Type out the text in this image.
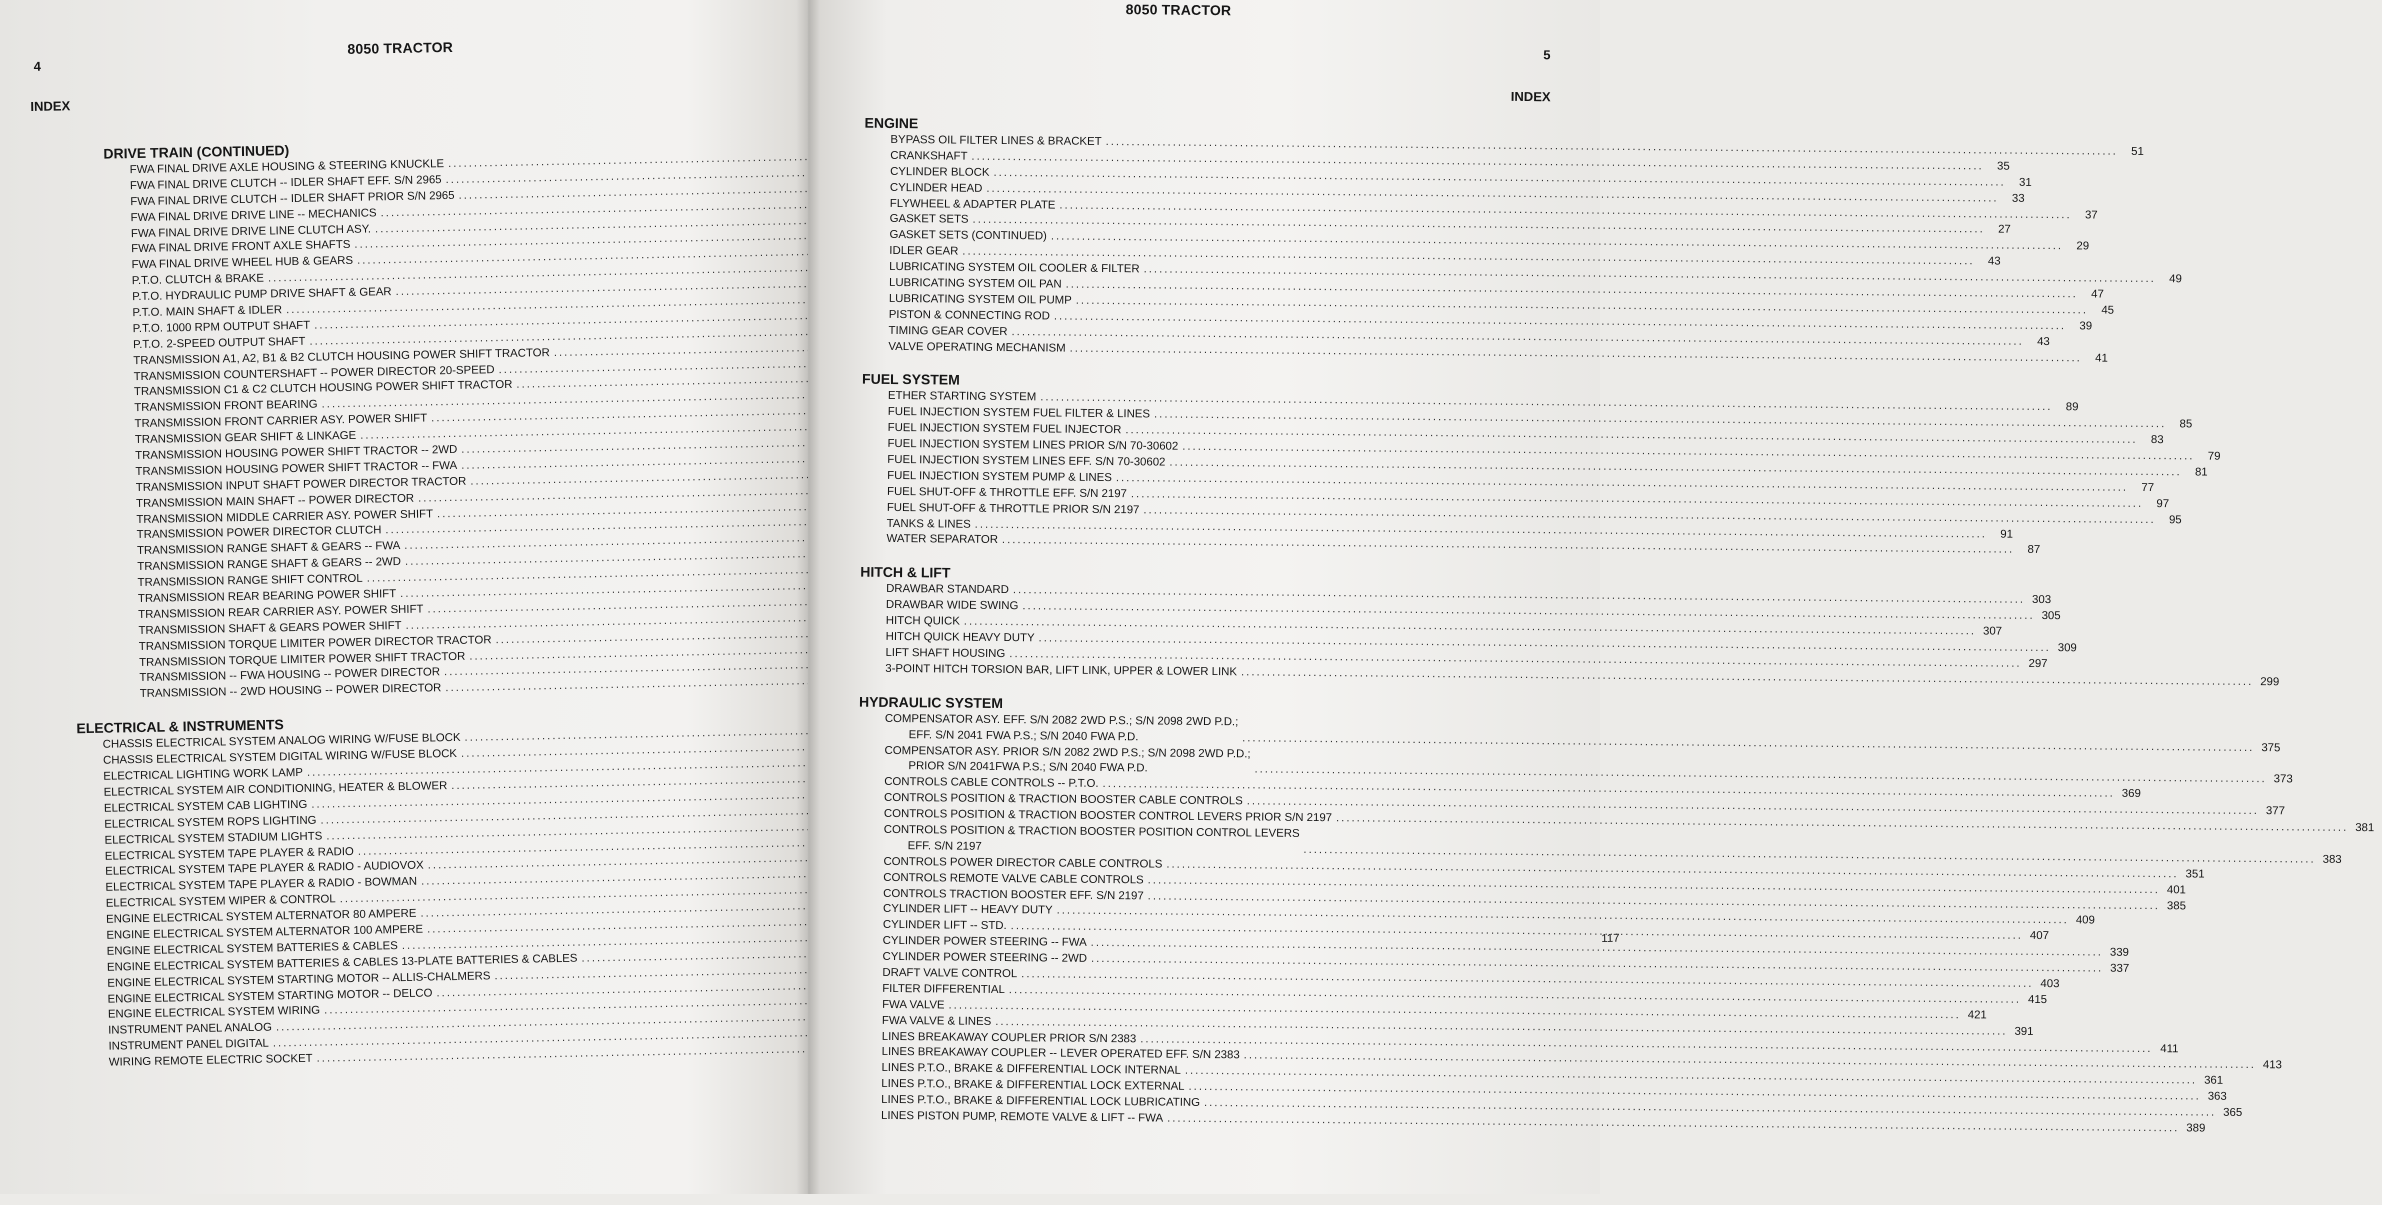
4
8050 TRACTOR
INDEX
DRIVE TRAIN (CONTINUED)
FWA FINAL DRIVE AXLE HOUSING & STEERING KNUCKLE
.....
FWA FINAL DRIVE CLUTCH -- IDLER SHAFT EFF. S/N 2965
.....
FWA FINAL DRIVE CLUTCH -- IDLER SHAFT PRIOR S/N 2965
.....
FWA FINAL DRIVE DRIVE LINE -- MECHANICS
.....
FWA FINAL DRIVE DRIVE LINE CLUTCH ASY.
.....
FWA FINAL DRIVE FRONT AXLE SHAFTS
.....
FWA FINAL DRIVE WHEEL HUB & GEARS
.....
P.T.O. CLUTCH & BRAKE
.....
P.T.O. HYDRAULIC PUMP DRIVE SHAFT & GEAR
.....
P.T.O. MAIN SHAFT & IDLER
.....
P.T.O. 1000 RPM OUTPUT SHAFT
.....
P.T.O. 2-SPEED OUTPUT SHAFT
.....
TRANSMISSION A1, A2, B1 & B2 CLUTCH HOUSING POWER SHIFT TRACTOR
.....
TRANSMISSION COUNTERSHAFT -- POWER DIRECTOR 20-SPEED
.....
TRANSMISSION C1 & C2 CLUTCH HOUSING POWER SHIFT TRACTOR
.....
TRANSMISSION FRONT BEARING
.....
TRANSMISSION FRONT CARRIER ASY. POWER SHIFT
.....
TRANSMISSION GEAR SHIFT & LINKAGE
.....
TRANSMISSION HOUSING POWER SHIFT TRACTOR -- 2WD
.....
TRANSMISSION HOUSING POWER SHIFT TRACTOR -- FWA
.....
TRANSMISSION INPUT SHAFT POWER DIRECTOR TRACTOR
.....
TRANSMISSION MAIN SHAFT -- POWER DIRECTOR
.....
TRANSMISSION MIDDLE CARRIER ASY. POWER SHIFT
.....
TRANSMISSION POWER DIRECTOR CLUTCH
.....
TRANSMISSION RANGE SHAFT & GEARS -- FWA
.....
TRANSMISSION RANGE SHAFT & GEARS -- 2WD
.....
TRANSMISSION RANGE SHIFT CONTROL
.....
TRANSMISSION REAR BEARING POWER SHIFT
.....
TRANSMISSION REAR CARRIER ASY. POWER SHIFT
.....
TRANSMISSION SHAFT & GEARS POWER SHIFT
.....
TRANSMISSION TORQUE LIMITER POWER DIRECTOR TRACTOR
.....
TRANSMISSION TORQUE LIMITER POWER SHIFT TRACTOR
.....
TRANSMISSION -- FWA HOUSING -- POWER DIRECTOR
.....
TRANSMISSION -- 2WD HOUSING -- POWER DIRECTOR
.....
ELECTRICAL & INSTRUMENTS
CHASSIS ELECTRICAL SYSTEM ANALOG WIRING W/FUSE BLOCK
.....
CHASSIS ELECTRICAL SYSTEM DIGITAL WIRING W/FUSE BLOCK
.....
ELECTRICAL LIGHTING WORK LAMP
.....
ELECTRICAL SYSTEM AIR CONDITIONING, HEATER & BLOWER
.....
ELECTRICAL SYSTEM CAB LIGHTING
.....
ELECTRICAL SYSTEM ROPS LIGHTING
.....
ELECTRICAL SYSTEM STADIUM LIGHTS
.....
ELECTRICAL SYSTEM TAPE PLAYER & RADIO
.....
ELECTRICAL SYSTEM TAPE PLAYER & RADIO - AUDIOVOX
.....
ELECTRICAL SYSTEM TAPE PLAYER & RADIO - BOWMAN
.....
ELECTRICAL SYSTEM WIPER & CONTROL
.....
ENGINE ELECTRICAL SYSTEM ALTERNATOR 80 AMPERE
.....
ENGINE ELECTRICAL SYSTEM ALTERNATOR 100 AMPERE
.....
ENGINE ELECTRICAL SYSTEM BATTERIES & CABLES
.....
ENGINE ELECTRICAL SYSTEM BATTERIES & CABLES 13-PLATE BATTERIES & CABLES
.....
117
ENGINE ELECTRICAL SYSTEM STARTING MOTOR -- ALLIS-CHALMERS
.....
ENGINE ELECTRICAL SYSTEM STARTING MOTOR -- DELCO
.....
ENGINE ELECTRICAL SYSTEM WIRING
.....
INSTRUMENT PANEL ANALOG
.....
INSTRUMENT PANEL DIGITAL
.....
WIRING REMOTE ELECTRIC SOCKET
.....
5
8050 TRACTOR
INDEX
ENGINE
BYPASS OIL FILTER LINES & BRACKET
.....
51
CRANKSHAFT
.....
35
CYLINDER BLOCK
.....
31
CYLINDER HEAD
.....
33
FLYWHEEL & ADAPTER PLATE
.....
37
GASKET SETS
.....
27
GASKET SETS (CONTINUED)
.....
29
IDLER GEAR
.....
43
LUBRICATING SYSTEM OIL COOLER & FILTER
.....
49
LUBRICATING SYSTEM OIL PAN
.....
47
LUBRICATING SYSTEM OIL PUMP
.....
45
PISTON & CONNECTING ROD
.....
39
TIMING GEAR COVER
.....
43
VALVE OPERATING MECHANISM
.....
41
FUEL SYSTEM
ETHER STARTING SYSTEM
.....
89
FUEL INJECTION SYSTEM FUEL FILTER & LINES
.....
85
FUEL INJECTION SYSTEM FUEL INJECTOR
.....
83
FUEL INJECTION SYSTEM LINES PRIOR S/N 70-30602
.....
79
FUEL INJECTION SYSTEM LINES EFF. S/N 70-30602
.....
81
FUEL INJECTION SYSTEM PUMP & LINES
.....
77
FUEL SHUT-OFF & THROTTLE EFF. S/N 2197
.....
97
FUEL SHUT-OFF & THROTTLE PRIOR S/N 2197
.....
95
TANKS & LINES
.....
91
WATER SEPARATOR
.....
87
HITCH & LIFT
DRAWBAR STANDARD
.....
303
DRAWBAR WIDE SWING
.....
305
HITCH QUICK
.....
307
HITCH QUICK HEAVY DUTY
.....
309
LIFT SHAFT HOUSING
.....
297
3-POINT HITCH TORSION BAR, LIFT LINK, UPPER & LOWER LINK
.....
299
HYDRAULIC SYSTEM
COMPENSATOR ASY. EFF. S/N 2082 2WD P.S.; S/N 2098 2WD P.D.;
EFF. S/N 2041 FWA P.S.; S/N 2040 FWA P.D.
.....
375
COMPENSATOR ASY. PRIOR S/N 2082 2WD P.S.; S/N 2098 2WD P.D.;
PRIOR S/N 2041FWA P.S.; S/N 2040 FWA P.D.
.....
373
CONTROLS CABLE CONTROLS -- P.T.O.
.....
369
CONTROLS POSITION & TRACTION BOOSTER CABLE CONTROLS
.....
377
CONTROLS POSITION & TRACTION BOOSTER CONTROL LEVERS PRIOR S/N 2197
.....
381
CONTROLS POSITION & TRACTION BOOSTER POSITION CONTROL LEVERS
EFF. S/N 2197
.....
383
CONTROLS POWER DIRECTOR CABLE CONTROLS
.....
351
CONTROLS REMOTE VALVE CABLE CONTROLS
.....
401
CONTROLS TRACTION BOOSTER EFF. S/N 2197
.....
385
CYLINDER LIFT -- HEAVY DUTY
.....
409
CYLINDER LIFT -- STD.
.....
407
CYLINDER POWER STEERING -- FWA
.....
339
CYLINDER POWER STEERING -- 2WD
.....
337
DRAFT VALVE CONTROL
.....
403
FILTER DIFFERENTIAL
.....
415
FWA VALVE
.....
421
FWA VALVE & LINES
.....
391
LINES BREAKAWAY COUPLER PRIOR S/N 2383
.....
411
LINES BREAKAWAY COUPLER -- LEVER OPERATED EFF. S/N 2383
.....
413
LINES P.T.O., BRAKE & DIFFERENTIAL LOCK INTERNAL
.....
361
LINES P.T.O., BRAKE & DIFFERENTIAL LOCK EXTERNAL
.....
363
LINES P.T.O., BRAKE & DIFFERENTIAL LOCK LUBRICATING
.....
365
LINES PISTON PUMP, REMOTE VALVE & LIFT -- FWA
.....
389
